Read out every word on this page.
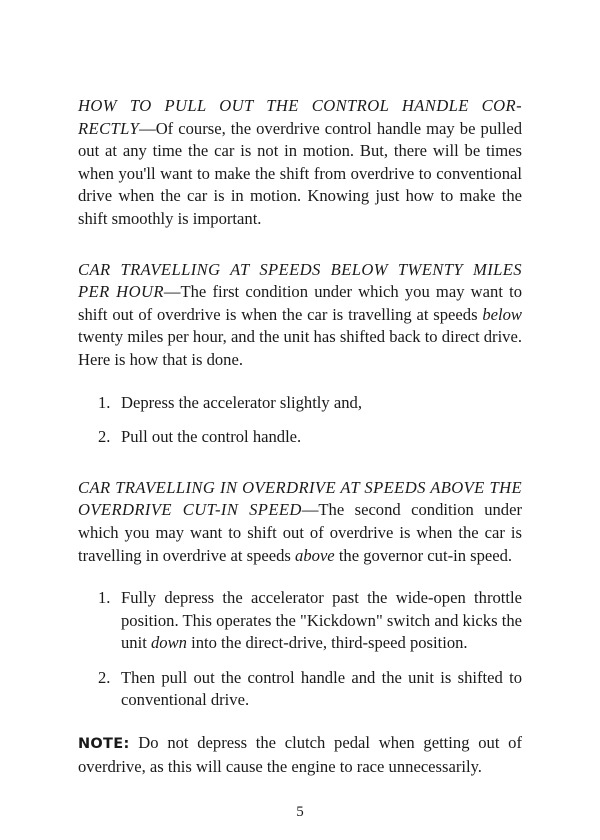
HOW TO PULL OUT THE CONTROL HANDLE COR-RECTLY—Of course, the overdrive control handle may be pulled out at any time the car is not in motion. But, there will be times when you'll want to make the shift from overdrive to conventional drive when the car is in motion. Knowing just how to make the shift smoothly is important.

CAR TRAVELLING AT SPEEDS BELOW TWENTY MILES PER HOUR—The first condition under which you may want to shift out of overdrive is when the car is travelling at speeds below twenty miles per hour, and the unit has shifted back to direct drive. Here is how that is done.

1. Depress the accelerator slightly and,
2. Pull out the control handle.

CAR TRAVELLING IN OVERDRIVE AT SPEEDS ABOVE THE OVERDRIVE CUT-IN SPEED—The second condition under which you may want to shift out of overdrive is when the car is travelling in overdrive at speeds above the governor cut-in speed.

1. Fully depress the accelerator past the wide-open throttle position. This operates the "Kickdown" switch and kicks the unit down into the direct-drive, third-speed position.
2. Then pull out the control handle and the unit is shifted to conventional drive.

NOTE: Do not depress the clutch pedal when getting out of overdrive, as this will cause the engine to race unnecessarily.

5
